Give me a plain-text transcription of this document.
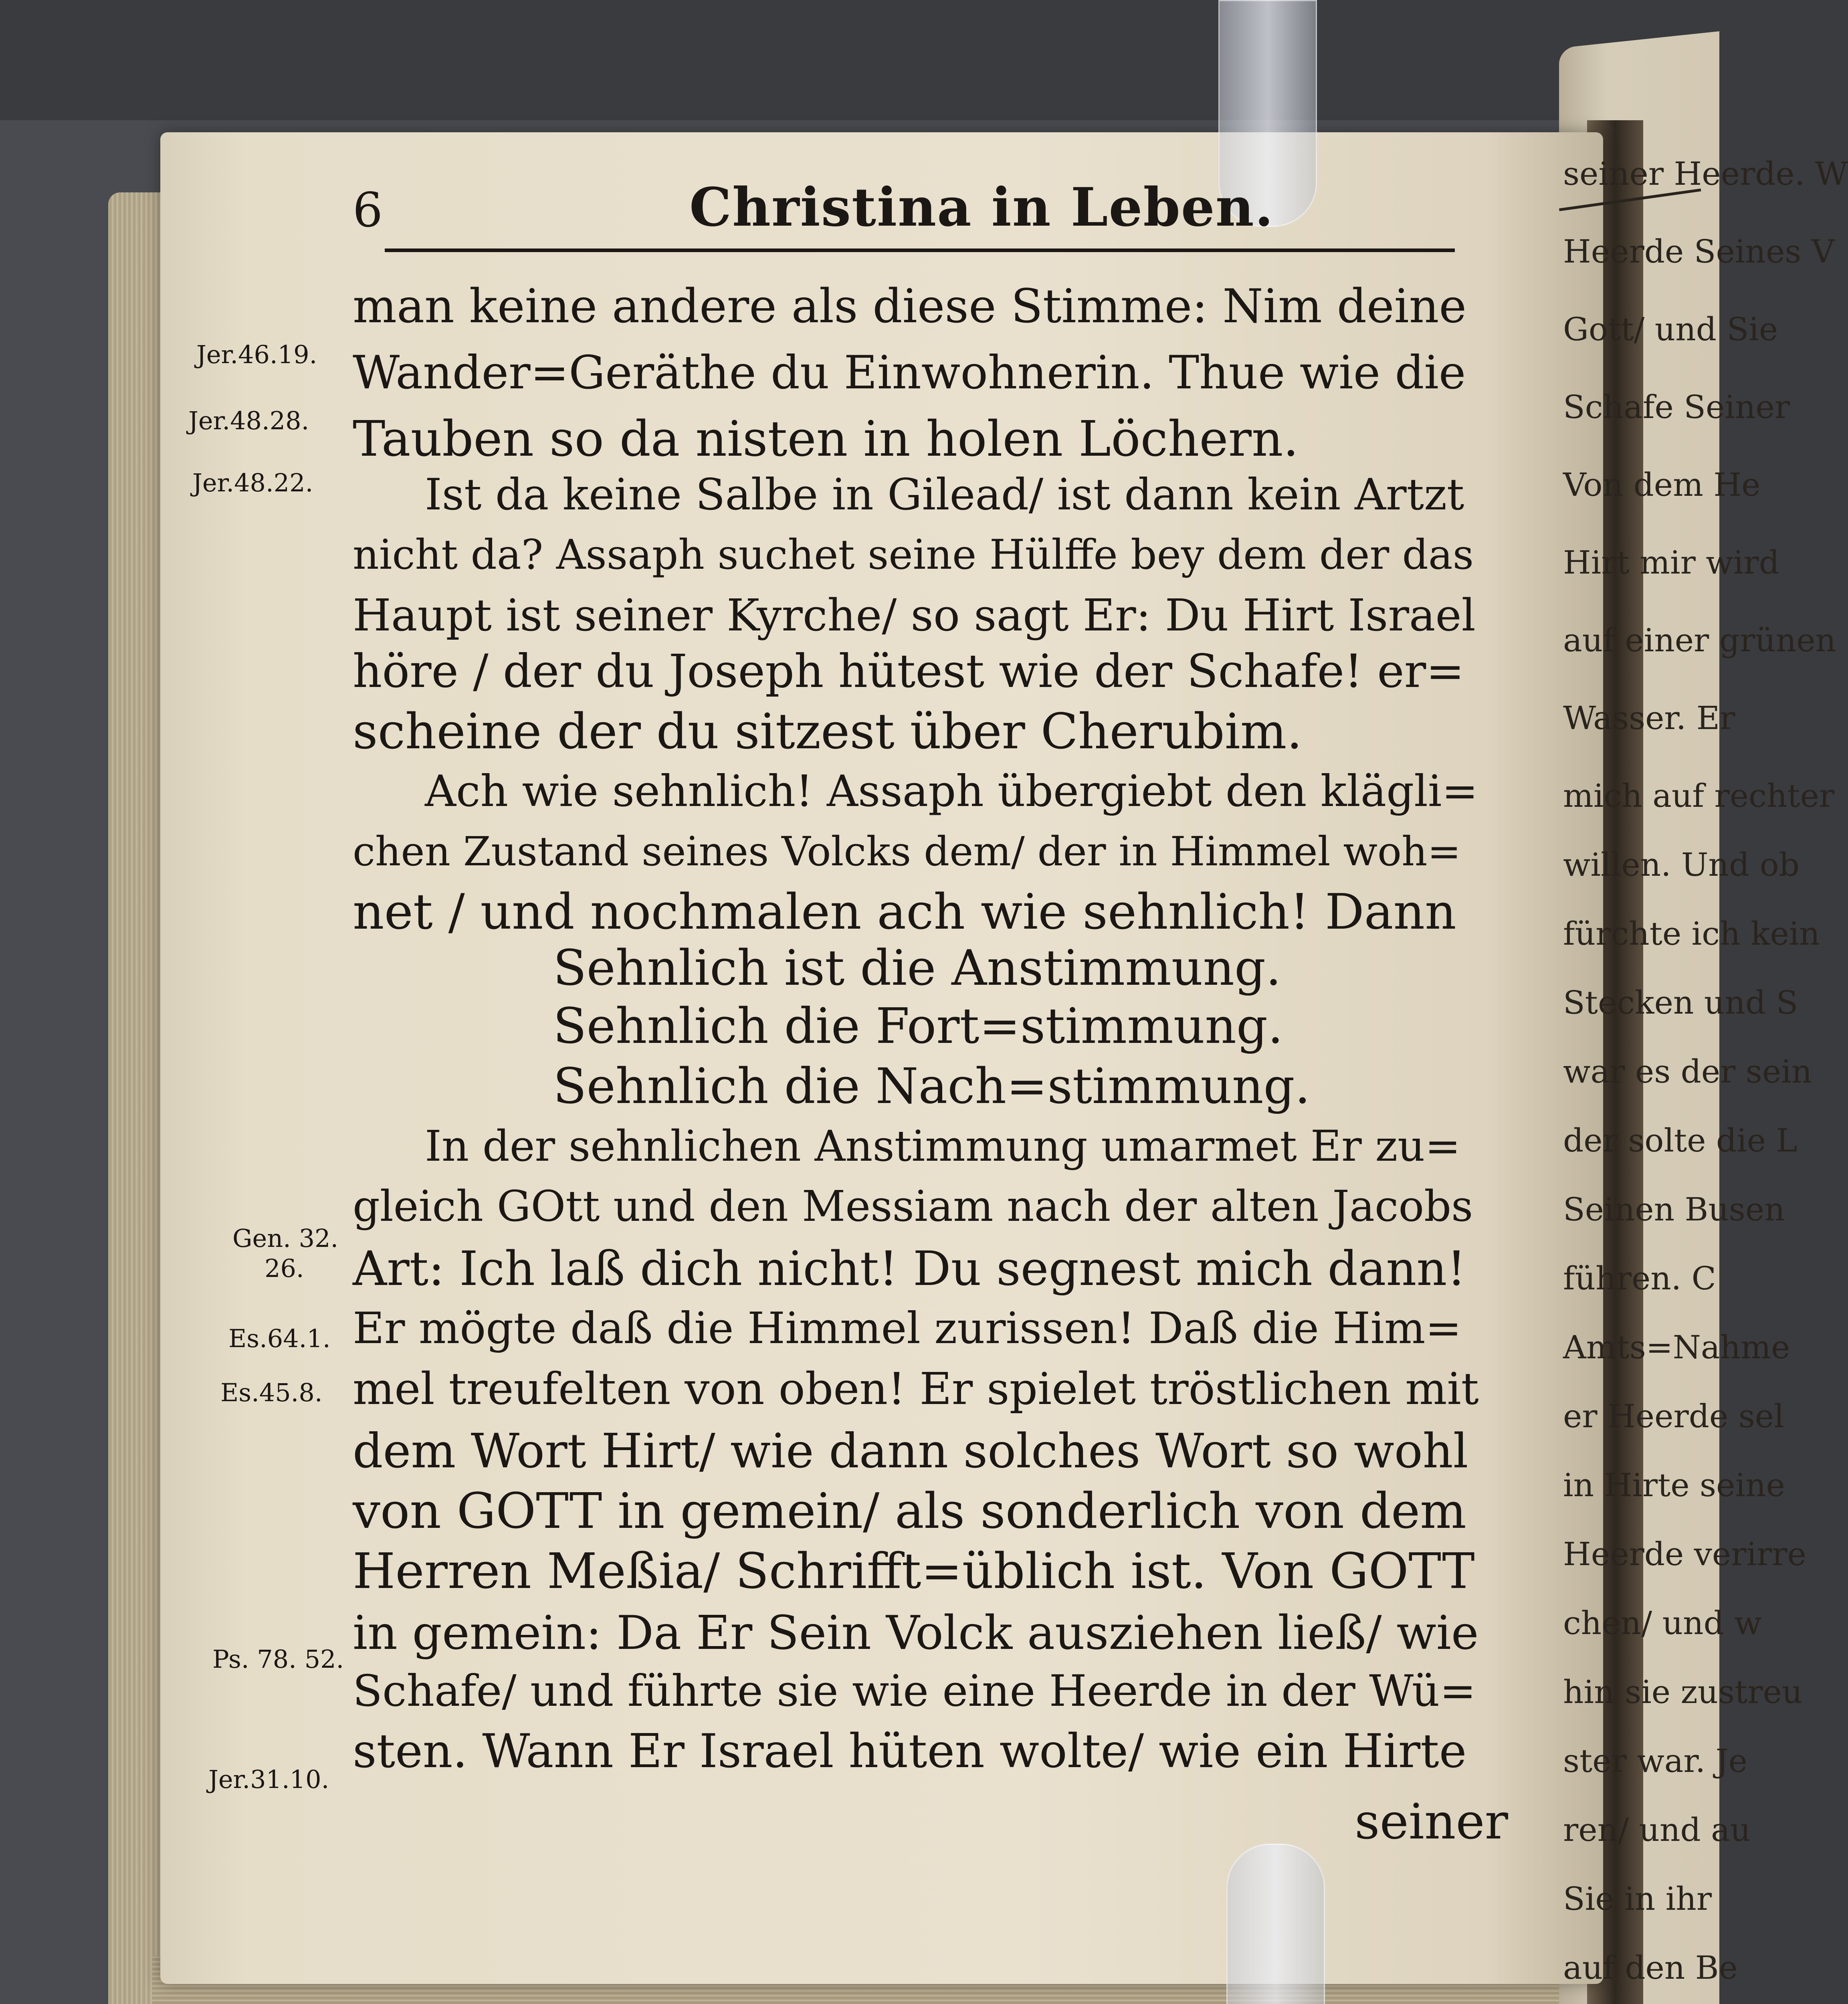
seiner Heerde. W
Heerde Seines V
Gott/ und Sie
Schafe Seiner
Von dem He
Hirt mir wird
auf einer grünen
Wasser. Er
mich auf rechter
willen. Und ob
fürchte ich kein
Stecken und S
war es der sein
der solte die L
Seinen Busen
führen. C
Amts=Nahme
er Heerde sel
in Hirte seine
Heerde verirre
chen/ und w
hin sie zustreu
ster war. Je
ren/ und au
Sie in ihr
auf den Be
6	Christina in Leben.
man keine andere als diese Stimme: Nim deine
Wander=Geräthe du Einwohnerin. Thue wie die
Tauben so da nisten in holen Löchern.
Ist da keine Salbe in Gilead/ ist dann kein Artzt
nicht da? Assaph suchet seine Hülffe bey dem der das
Haupt ist seiner Kyrche/ so sagt Er: Du Hirt Israel
höre / der du Joseph hütest wie der Schafe! er=
scheine der du sitzest über Cherubim.
Ach wie sehnlich! Assaph übergiebt den klägli=
chen Zustand seines Volcks dem/ der in Himmel woh=
net / und nochmalen ach wie sehnlich! Dann
Sehnlich ist die Anstimmung.
Sehnlich die Fort=stimmung.
Sehnlich die Nach=stimmung.
In der sehnlichen Anstimmung umarmet Er zu=
gleich GOtt und den Messiam nach der alten Jacobs
Art: Ich laß dich nicht! Du segnest mich dann!
Er mögte daß die Himmel zurissen! Daß die Him=
mel treufelten von oben! Er spielet tröstlichen mit
dem Wort Hirt/ wie dann solches Wort so wohl
von GOTT in gemein/ als sonderlich von dem
Herren Meßia/ Schrifft=üblich ist. Von GOTT
in gemein: Da Er Sein Volck ausziehen ließ/ wie
Schafe/ und führte sie wie eine Heerde in der Wü=
sten. Wann Er Israel hüten wolte/ wie ein Hirte
Jer.46.19.
Jer.48.28.
Jer.48.22.
Gen. 32.
26.
Es.64.1.
Es.45.8.
Ps. 78. 52.
Jer.31.10.
seiner
